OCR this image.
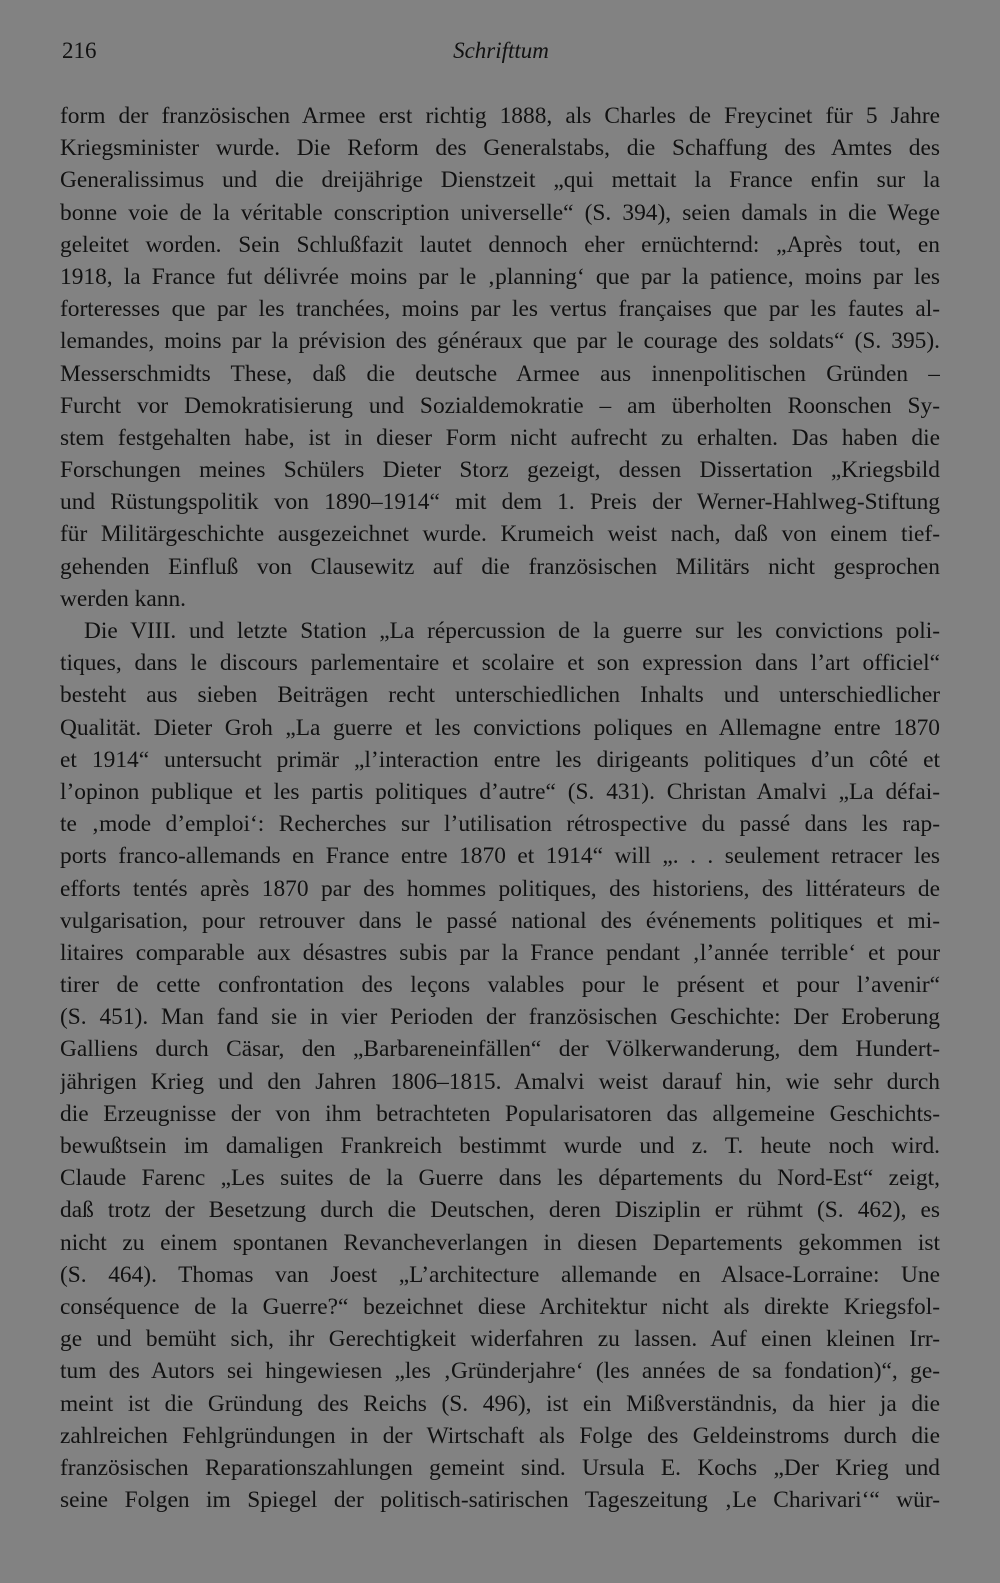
216	Schrifttum
form der französischen Armee erst richtig 1888, als Charles de Freycinet für 5 Jahre
Kriegsminister wurde. Die Reform des Generalstabs, die Schaffung des Amtes des
Generalissimus und die dreijährige Dienstzeit „qui mettait la France enfin sur la
bonne voie de la véritable conscription universelle“ (S. 394), seien damals in die Wege
geleitet worden. Sein Schlußfazit lautet dennoch eher ernüchternd: „Après tout, en
1918, la France fut délivrée moins par le ‚planning‘ que par la patience, moins par les
forteresses que par les tranchées, moins par les vertus françaises que par les fautes al-
lemandes, moins par la prévision des généraux que par le courage des soldats“ (S. 395).
Messerschmidts These, daß die deutsche Armee aus innenpolitischen Gründen –
Furcht vor Demokratisierung und Sozialdemokratie – am überholten Roonschen Sy-
stem festgehalten habe, ist in dieser Form nicht aufrecht zu erhalten. Das haben die
Forschungen meines Schülers Dieter Storz gezeigt, dessen Dissertation „Kriegsbild
und Rüstungspolitik von 1890–1914“ mit dem 1. Preis der Werner-Hahlweg-Stiftung
für Militärgeschichte ausgezeichnet wurde. Krumeich weist nach, daß von einem tief-
gehenden Einfluß von Clausewitz auf die französischen Militärs nicht gesprochen
werden kann.
Die VIII. und letzte Station „La répercussion de la guerre sur les convictions poli-
tiques, dans le discours parlementaire et scolaire et son expression dans l’art officiel“
besteht aus sieben Beiträgen recht unterschiedlichen Inhalts und unterschiedlicher
Qualität. Dieter Groh „La guerre et les convictions poliques en Allemagne entre 1870
et 1914“ untersucht primär „l’interaction entre les dirigeants politiques d’un côté et
l’opinon publique et les partis politiques d’autre“ (S. 431). Christan Amalvi „La défai-
te ‚mode d’emploi‘: Recherches sur l’utilisation rétrospective du passé dans les rap-
ports franco-allemands en France entre 1870 et 1914“ will „. . . seulement retracer les
efforts tentés après 1870 par des hommes politiques, des historiens, des littérateurs de
vulgarisation, pour retrouver dans le passé national des événements politiques et mi-
litaires comparable aux désastres subis par la France pendant ‚l’année terrible‘ et pour
tirer de cette confrontation des leçons valables pour le présent et pour l’avenir“
(S. 451). Man fand sie in vier Perioden der französischen Geschichte: Der Eroberung
Galliens durch Cäsar, den „Barbareneinfällen“ der Völkerwanderung, dem Hundert-
jährigen Krieg und den Jahren 1806–1815. Amalvi weist darauf hin, wie sehr durch
die Erzeugnisse der von ihm betrachteten Popularisatoren das allgemeine Geschichts-
bewußtsein im damaligen Frankreich bestimmt wurde und z. T. heute noch wird.
Claude Farenc „Les suites de la Guerre dans les départements du Nord-Est“ zeigt,
daß trotz der Besetzung durch die Deutschen, deren Disziplin er rühmt (S. 462), es
nicht zu einem spontanen Revancheverlangen in diesen Departements gekommen ist
(S. 464). Thomas van Joest „L’architecture allemande en Alsace-Lorraine: Une
conséquence de la Guerre?“ bezeichnet diese Architektur nicht als direkte Kriegsfol-
ge und bemüht sich, ihr Gerechtigkeit widerfahren zu lassen. Auf einen kleinen Irr-
tum des Autors sei hingewiesen „les ‚Gründerjahre‘ (les années de sa fondation)“, ge-
meint ist die Gründung des Reichs (S. 496), ist ein Mißverständnis, da hier ja die
zahlreichen Fehlgründungen in der Wirtschaft als Folge des Geldeinstroms durch die
französischen Reparationszahlungen gemeint sind. Ursula E. Kochs „Der Krieg und
seine Folgen im Spiegel der politisch-satirischen Tageszeitung ‚Le Charivari‘“ wür-
